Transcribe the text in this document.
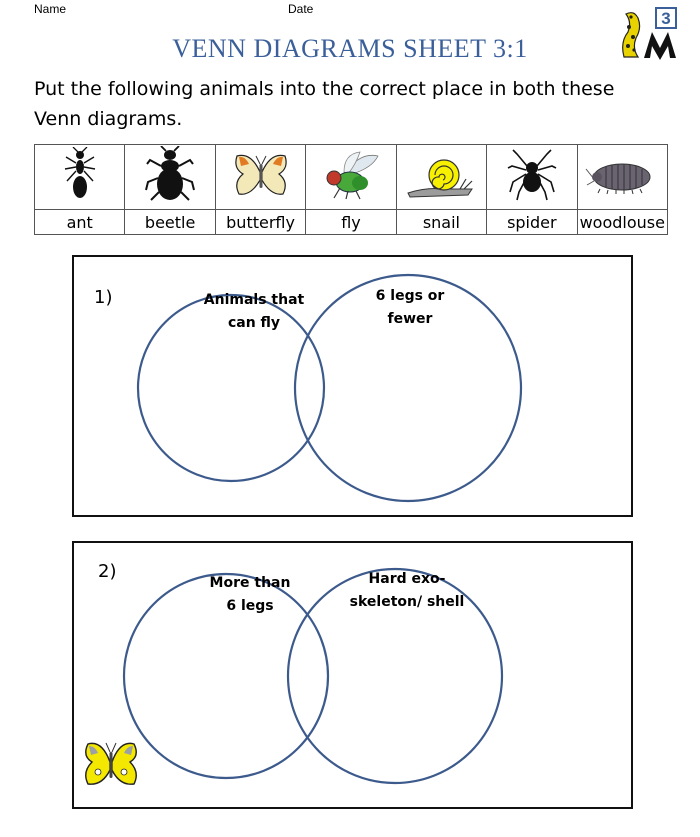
Name	Date	3
VENN DIAGRAMS SHEET 3:1
Put the following animals into the correct place in both these Venn diagrams.

ant	beetle	butterfly	fly	snail	spider	woodlouse
1)	Animals that
can fly
6 legs or
fewer
2)
More than
6 legs
Hard exo-
skeleton/ shell
